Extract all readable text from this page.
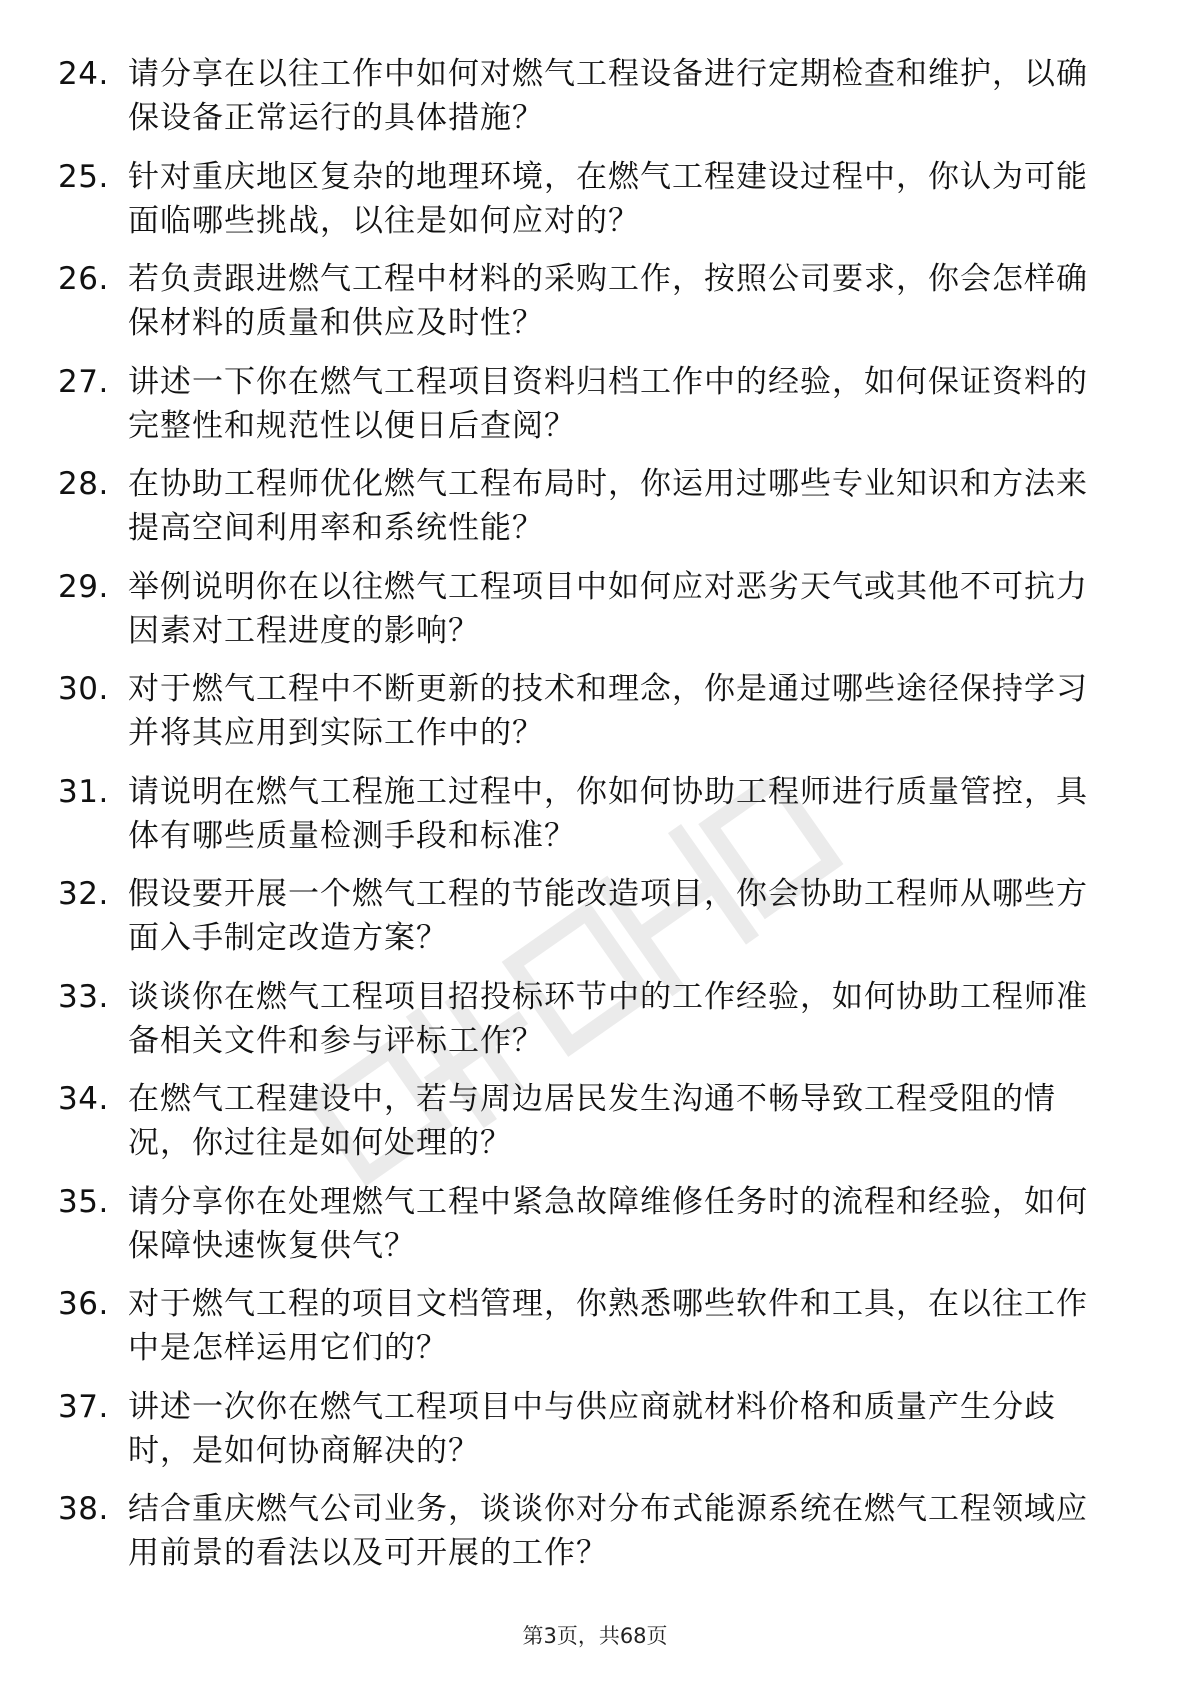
24. 请分享在以往工作中如何对燃气工程设备进行定期检查和维护，以确保设备正常运行的具体措施？
25. 针对重庆地区复杂的地理环境，在燃气工程建设过程中，你认为可能面临哪些挑战，以往是如何应对的？
26. 若负责跟进燃气工程中材料的采购工作，按照公司要求，你会怎样确保材料的质量和供应及时性？
27. 讲述一下你在燃气工程项目资料归档工作中的经验，如何保证资料的完整性和规范性以便日后查阅？
28. 在协助工程师优化燃气工程布局时，你运用过哪些专业知识和方法来提高空间利用率和系统性能？
29. 举例说明你在以往燃气工程项目中如何应对恶劣天气或其他不可抗力因素对工程进度的影响？
30. 对于燃气工程中不断更新的技术和理念，你是通过哪些途径保持学习并将其应用到实际工作中的？
31. 请说明在燃气工程施工过程中，你如何协助工程师进行质量管控，具体有哪些质量检测手段和标准？
32. 假设要开展一个燃气工程的节能改造项目，你会协助工程师从哪些方面入手制定改造方案？
33. 谈谈你在燃气工程项目招投标环节中的工作经验，如何协助工程师准备相关文件和参与评标工作？
34. 在燃气工程建设中，若与周边居民发生沟通不畅导致工程受阻的情况，你过往是如何处理的？
35. 请分享你在处理燃气工程中紧急故障维修任务时的流程和经验，如何保障快速恢复供气？
36. 对于燃气工程的项目文档管理，你熟悉哪些软件和工具，在以往工作中是怎样运用它们的？
37. 讲述一次你在燃气工程项目中与供应商就材料价格和质量产生分歧时，是如何协商解决的？
38. 结合重庆燃气公司业务，谈谈你对分布式能源系统在燃气工程领域应用前景的看法以及可开展的工作？
第3页，共68页
